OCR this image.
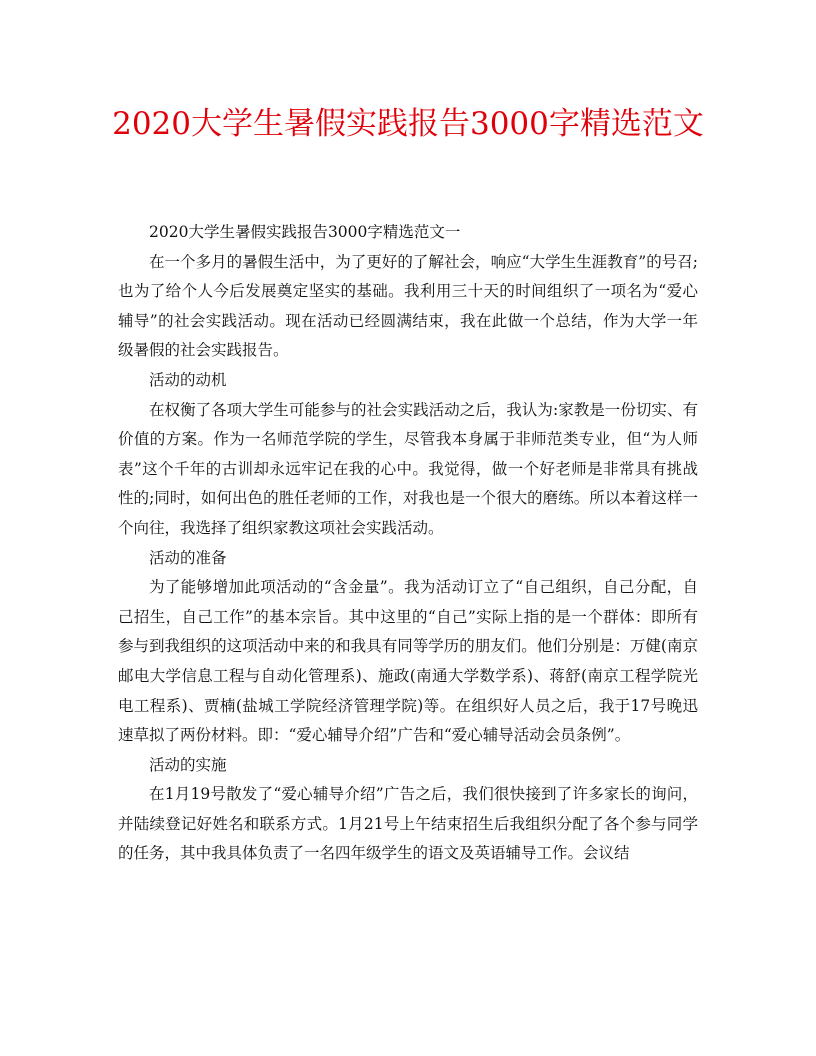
2020大学生暑假实践报告3000字精选范文

2020大学生暑假实践报告3000字精选范文一

在一个多月的暑假生活中，为了更好的了解社会，响应“大学生生涯教育”的号召;也为了给个人今后发展奠定坚实的基础。我利用三十天的时间组织了一项名为“爱心辅导”的社会实践活动。现在活动已经圆满结束，我在此做一个总结，作为大学一年级暑假的社会实践报告。

活动的动机

在权衡了各项大学生可能参与的社会实践活动之后，我认为:家教是一份切实、有价值的方案。作为一名师范学院的学生，尽管我本身属于非师范类专业，但“为人师表”这个千年的古训却永远牢记在我的心中。我觉得，做一个好老师是非常具有挑战性的;同时，如何出色的胜任老师的工作，对我也是一个很大的磨练。所以本着这样一个向往，我选择了组织家教这项社会实践活动。

活动的准备

为了能够增加此项活动的“含金量”。我为活动订立了“自己组织，自己分配，自己招生，自己工作”的基本宗旨。其中这里的“自己”实际上指的是一个群体：即所有参与到我组织的这项活动中来的和我具有同等学历的朋友们。他们分别是：万健(南京邮电大学信息工程与自动化管理系)、施政(南通大学数学系)、蒋舒(南京工程学院光电工程系)、贾楠(盐城工学院经济管理学院)等。在组织好人员之后，我于17号晚迅速草拟了两份材料。即：“爱心辅导介绍”广告和“爱心辅导活动会员条例”。

活动的实施

在1月19号散发了“爱心辅导介绍”广告之后，我们很快接到了许多家长的询问，并陆续登记好姓名和联系方式。1月21号上午结束招生后我组织分配了各个参与同学的任务，其中我具体负责了一名四年级学生的语文及英语辅导工作。会议结
